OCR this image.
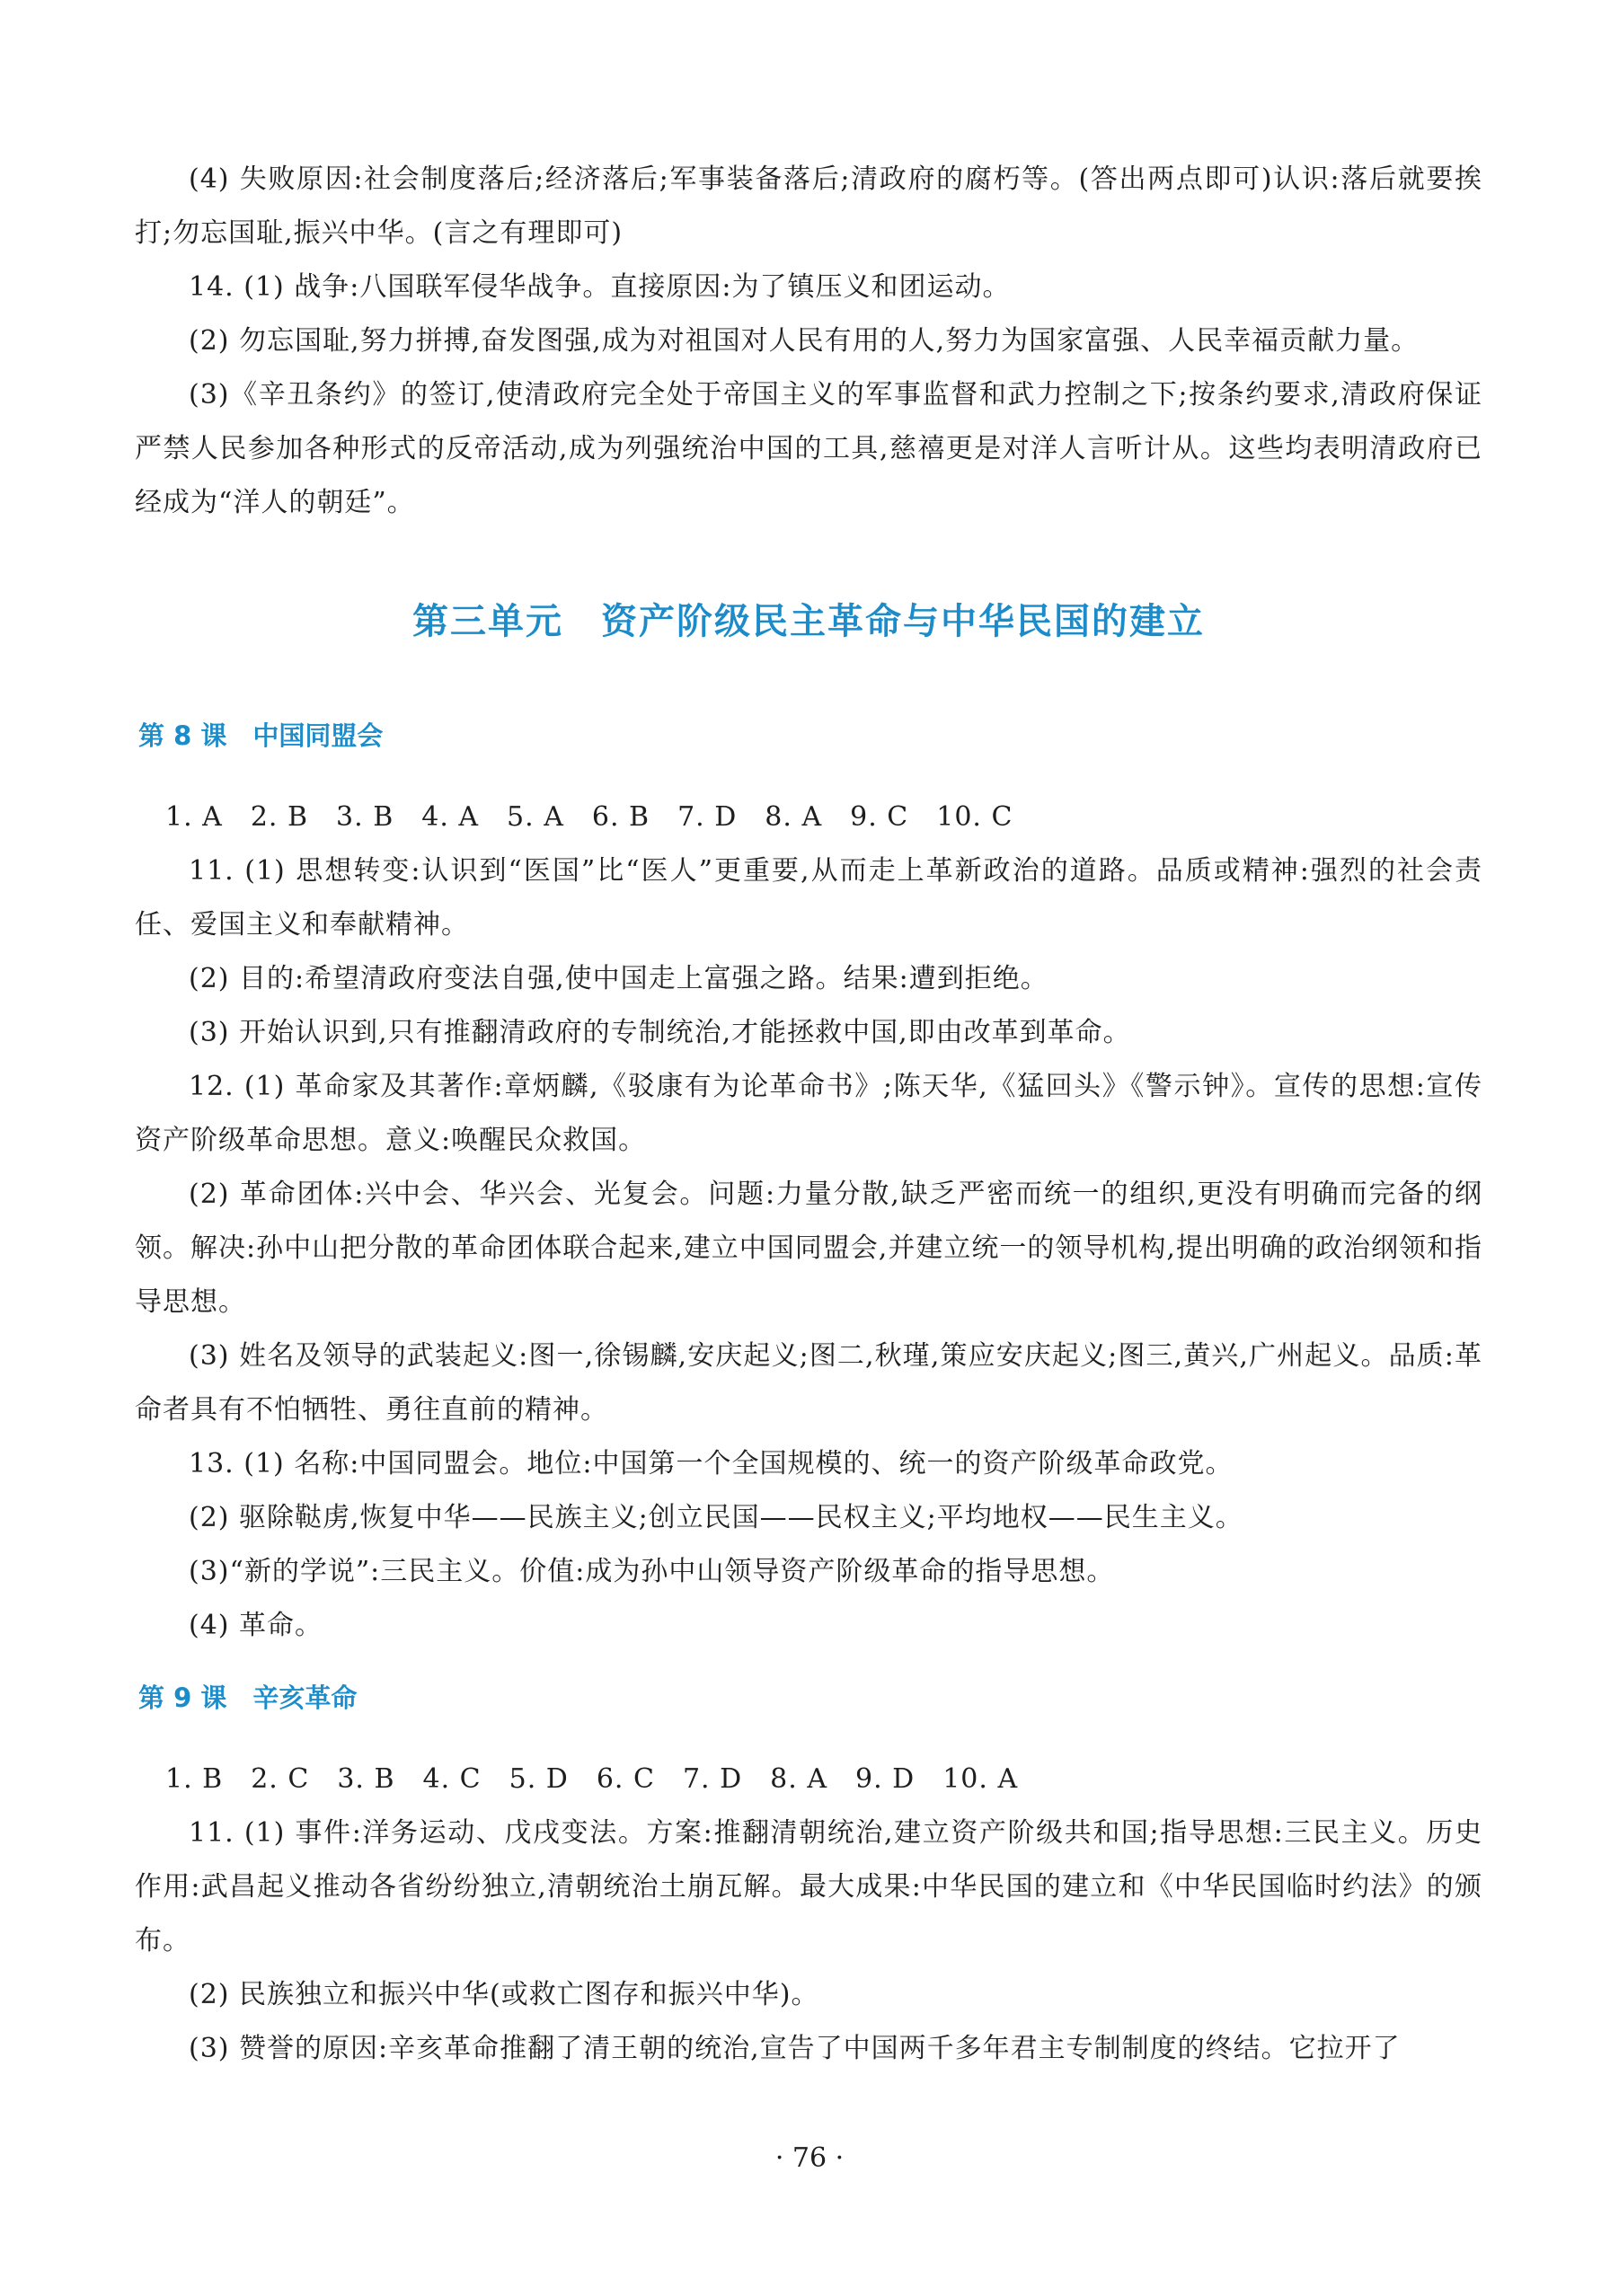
(4) 失败原因:社会制度落后;经济落后;军事装备落后;清政府的腐朽等。(答出两点即可)认识:落后就要挨打;勿忘国耻,振兴中华。(言之有理即可)

14. (1) 战争:八国联军侵华战争。直接原因:为了镇压义和团运动。

(2) 勿忘国耻,努力拼搏,奋发图强,成为对祖国对人民有用的人,努力为国家富强、人民幸福贡献力量。

(3)《辛丑条约》的签订,使清政府完全处于帝国主义的军事监督和武力控制之下;按条约要求,清政府保证严禁人民参加各种形式的反帝活动,成为列强统治中国的工具,慈禧更是对洋人言听计从。这些均表明清政府已经成为“洋人的朝廷”。

第三单元　资产阶级民主革命与中华民国的建立
第 8 课　中国同盟会
1. A　2. B　3. B　4. A　5. A　6. B　7. D　8. A　9. C　10. C

11. (1) 思想转变:认识到“医国”比“医人”更重要,从而走上革新政治的道路。品质或精神:强烈的社会责任、爱国主义和奉献精神。

(2) 目的:希望清政府变法自强,使中国走上富强之路。结果:遭到拒绝。

(3) 开始认识到,只有推翻清政府的专制统治,才能拯救中国,即由改革到革命。

12. (1) 革命家及其著作:章炳麟,《驳康有为论革命书》;陈天华,《猛回头》《警示钟》。宣传的思想:宣传资产阶级革命思想。意义:唤醒民众救国。

(2) 革命团体:兴中会、华兴会、光复会。问题:力量分散,缺乏严密而统一的组织,更没有明确而完备的纲领。解决:孙中山把分散的革命团体联合起来,建立中国同盟会,并建立统一的领导机构,提出明确的政治纲领和指导思想。

(3) 姓名及领导的武装起义:图一,徐锡麟,安庆起义;图二,秋瑾,策应安庆起义;图三,黄兴,广州起义。品质:革命者具有不怕牺牲、勇往直前的精神。

13. (1) 名称:中国同盟会。地位:中国第一个全国规模的、统一的资产阶级革命政党。

(2) 驱除鞑虏,恢复中华——民族主义;创立民国——民权主义;平均地权——民生主义。

(3)“新的学说”:三民主义。价值:成为孙中山领导资产阶级革命的指导思想。

(4) 革命。

第 9 课　辛亥革命
1. B　2. C　3. B　4. C　5. D　6. C　7. D　8. A　9. D　10. A

11. (1) 事件:洋务运动、戊戌变法。方案:推翻清朝统治,建立资产阶级共和国;指导思想:三民主义。历史作用:武昌起义推动各省纷纷独立,清朝统治土崩瓦解。最大成果:中华民国的建立和《中华民国临时约法》的颁布。

(2) 民族独立和振兴中华(或救亡图存和振兴中华)。

(3) 赞誉的原因:辛亥革命推翻了清王朝的统治,宣告了中国两千多年君主专制制度的终结。它拉开了

· 76 ·
